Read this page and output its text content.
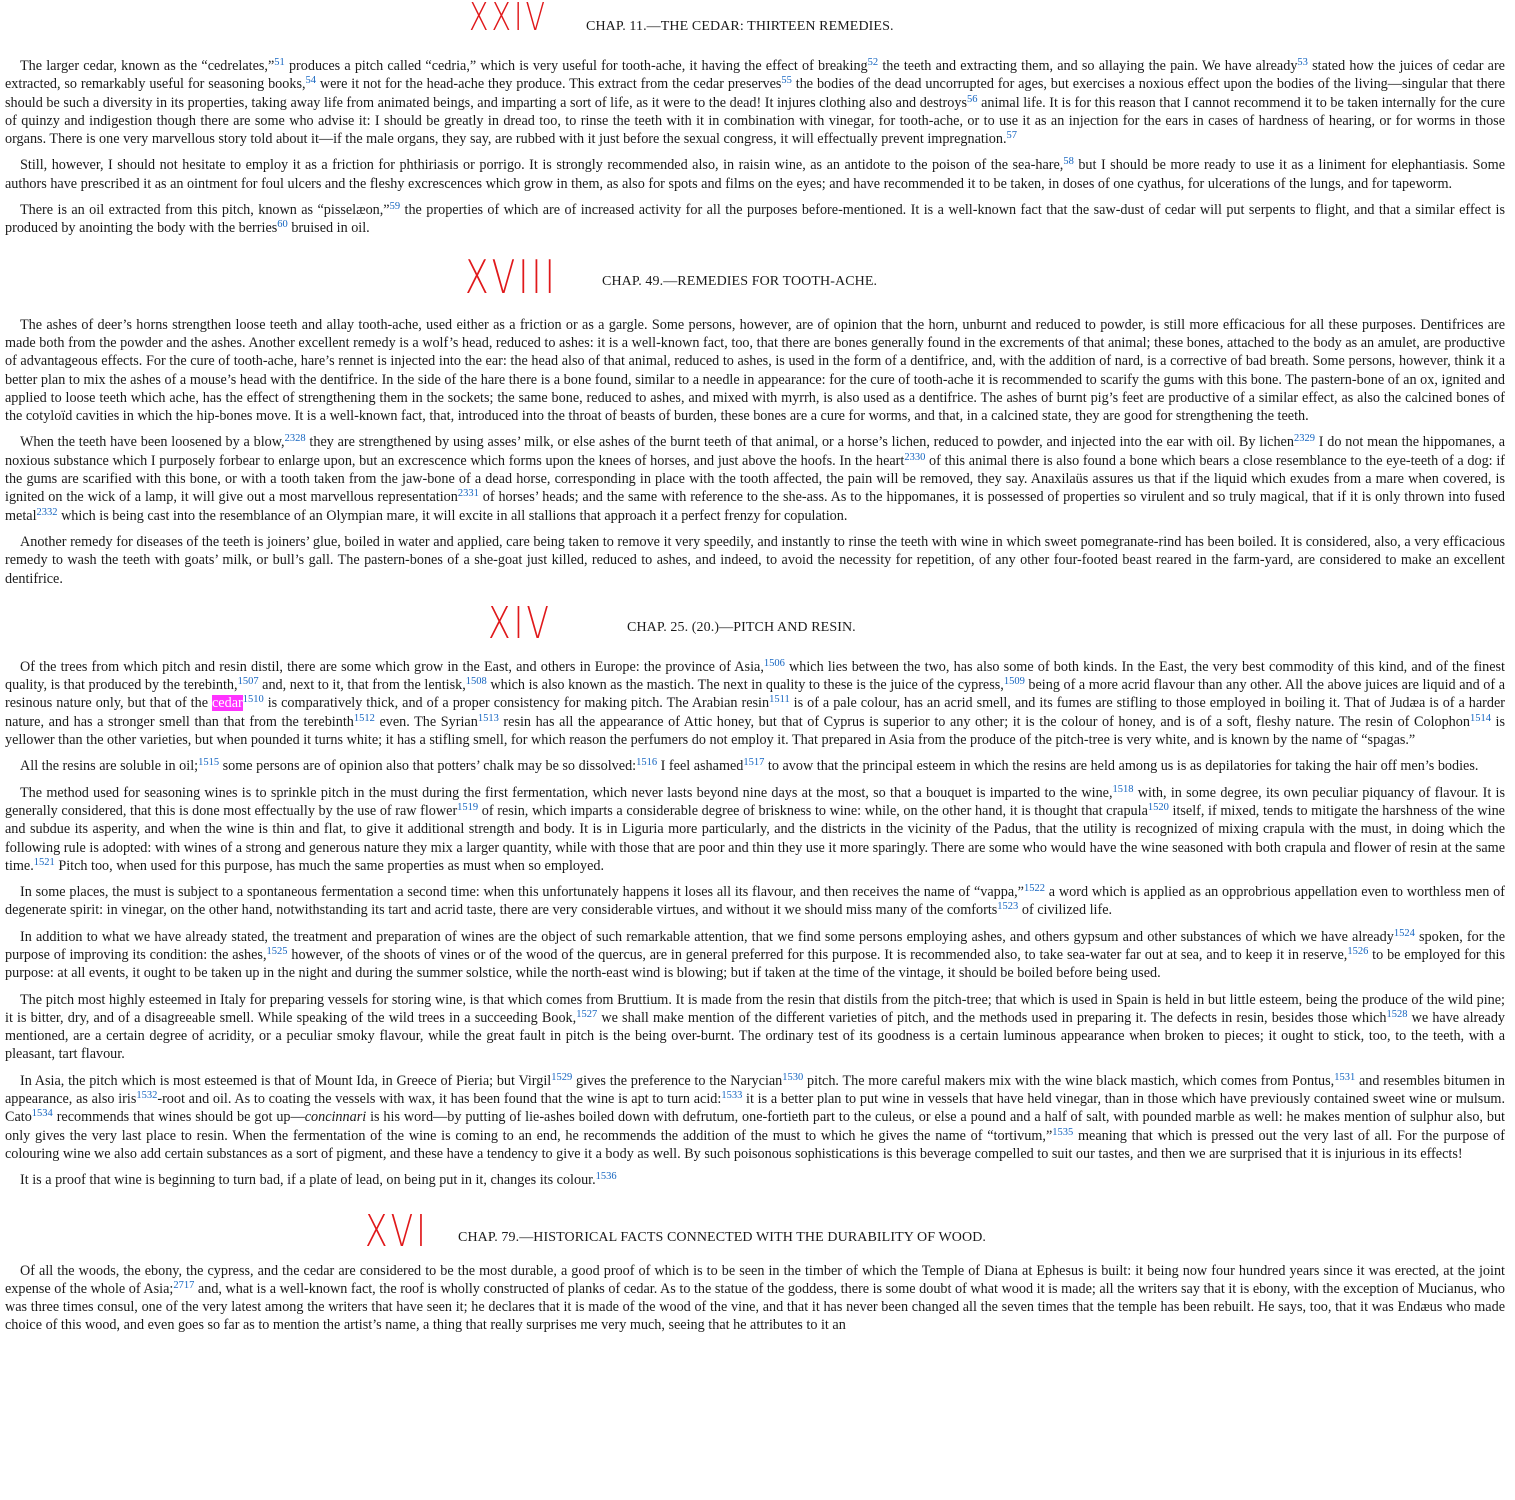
XXIV	CHAP. 11.—THE CEDAR: THIRTEEN REMEDIES.

The larger cedar, known as the “cedrelates,”$^{51}$ produces a pitch called “cedria,” which is very useful for tooth-ache, it having the effect of breaking$^{52}$ the teeth and extracting them, and so allaying the pain. We have already$^{53}$ stated how the juices of cedar are extracted, so remarkably useful for seasoning books,$^{54}$ were it not for the head-ache they produce. This extract from the cedar preserves$^{55}$ the bodies of the dead uncorrupted for ages, but exercises a noxious effect upon the bodies of the living—singular that there should be such a diversity in its properties, taking away life from animated beings, and imparting a sort of life, as it were to the dead! It injures clothing also and destroys$^{56}$ animal life. It is for this reason that I cannot recommend it to be taken internally for the cure of quinzy and indigestion though there are some who advise it: I should be greatly in dread too, to rinse the teeth with it in combination with vinegar, for tooth-ache, or to use it as an injection for the ears in cases of hardness of hearing, or for worms in those organs. There is one very marvellous story told about it—if the male organs, they say, are rubbed with it just before the sexual congress, it will effectually prevent impregnation.$^{57}$

Still, however, I should not hesitate to employ it as a friction for phthiriasis or porrigo. It is strongly recommended also, in raisin wine, as an antidote to the poison of the sea-hare,$^{58}$ but I should be more ready to use it as a liniment for elephantiasis. Some authors have prescribed it as an ointment for foul ulcers and the fleshy excrescences which grow in them, as also for spots and films on the eyes; and have recommended it to be taken, in doses of one cyathus, for ulcerations of the lungs, and for tapeworm.

There is an oil extracted from this pitch, known as “pisselæon,”$^{59}$ the properties of which are of increased activity for all the purposes before-mentioned. It is a well-known fact that the saw-dust of cedar will put serpents to flight, and that a similar effect is produced by anointing the body with the berries$^{60}$ bruised in oil.

XVIII	CHAP. 49.—REMEDIES FOR TOOTH-ACHE.

The ashes of deer’s horns strengthen loose teeth and allay tooth-ache, used either as a friction or as a gargle. Some persons, however, are of opinion that the horn, unburnt and reduced to powder, is still more efficacious for all these purposes. Dentifrices are made both from the powder and the ashes. Another excellent remedy is a wolf’s head, reduced to ashes: it is a well-known fact, too, that there are bones generally found in the excrements of that animal; these bones, attached to the body as an amulet, are productive of advantageous effects. For the cure of tooth-ache, hare’s rennet is injected into the ear: the head also of that animal, reduced to ashes, is used in the form of a dentifrice, and, with the addition of nard, is a corrective of bad breath. Some persons, however, think it a better plan to mix the ashes of a mouse’s head with the dentifrice. In the side of the hare there is a bone found, similar to a needle in appearance: for the cure of tooth-ache it is recommended to scarify the gums with this bone. The pastern-bone of an ox, ignited and applied to loose teeth which ache, has the effect of strengthening them in the sockets; the same bone, reduced to ashes, and mixed with myrrh, is also used as a dentifrice. The ashes of burnt pig’s feet are productive of a similar effect, as also the calcined bones of the cotyloïd cavities in which the hip-bones move. It is a well-known fact, that, introduced into the throat of beasts of burden, these bones are a cure for worms, and that, in a calcined state, they are good for strengthening the teeth.

When the teeth have been loosened by a blow,$^{2328}$ they are strengthened by using asses’ milk, or else ashes of the burnt teeth of that animal, or a horse’s lichen, reduced to powder, and injected into the ear with oil. By lichen$^{2329}$ I do not mean the hippomanes, a noxious substance which I purposely forbear to enlarge upon, but an excrescence which forms upon the knees of horses, and just above the hoofs. In the heart$^{2330}$ of this animal there is also found a bone which bears a close resemblance to the eye-teeth of a dog: if the gums are scarified with this bone, or with a tooth taken from the jaw-bone of a dead horse, corresponding in place with the tooth affected, the pain will be removed, they say. Anaxilaüs assures us that if the liquid which exudes from a mare when covered, is ignited on the wick of a lamp, it will give out a most marvellous representation$^{2331}$ of horses’ heads; and the same with reference to the she-ass. As to the hippomanes, it is possessed of properties so virulent and so truly magical, that if it is only thrown into fused metal$^{2332}$ which is being cast into the resemblance of an Olympian mare, it will excite in all stallions that approach it a perfect frenzy for copulation.

Another remedy for diseases of the teeth is joiners’ glue, boiled in water and applied, care being taken to remove it very speedily, and instantly to rinse the teeth with wine in which sweet pomegranate-rind has been boiled. It is considered, also, a very efficacious remedy to wash the teeth with goats’ milk, or bull’s gall. The pastern-bones of a she-goat just killed, reduced to ashes, and indeed, to avoid the necessity for repetition, of any other four-footed beast reared in the farm-yard, are considered to make an excellent dentifrice.

XIV	CHAP. 25. (20.)—PITCH AND RESIN.

Of the trees from which pitch and resin distil, there are some which grow in the East, and others in Europe: the province of Asia,$^{1506}$ which lies between the two, has also some of both kinds. In the East, the very best commodity of this kind, and of the finest quality, is that produced by the terebinth,$^{1507}$ and, next to it, that from the lentisk,$^{1508}$ which is also known as the mastich. The next in quality to these is the juice of the cypress,$^{1509}$ being of a more acrid flavour than any other. All the above juices are liquid and of a resinous nature only, but that of the cedar$^{1510}$ is comparatively thick, and of a proper consistency for making pitch. The Arabian resin$^{1511}$ is of a pale colour, has an acrid smell, and its fumes are stifling to those employed in boiling it. That of Judæa is of a harder nature, and has a stronger smell than that from the terebinth$^{1512}$ even. The Syrian$^{1513}$ resin has all the appearance of Attic honey, but that of Cyprus is superior to any other; it is the colour of honey, and is of a soft, fleshy nature. The resin of Colophon$^{1514}$ is yellower than the other varieties, but when pounded it turns white; it has a stifling smell, for which reason the perfumers do not employ it. That prepared in Asia from the produce of the pitch-tree is very white, and is known by the name of “spagas.”

All the resins are soluble in oil;$^{1515}$ some persons are of opinion also that potters’ chalk may be so dissolved:$^{1516}$ I feel ashamed$^{1517}$ to avow that the principal esteem in which the resins are held among us is as depilatories for taking the hair off men’s bodies.

The method used for seasoning wines is to sprinkle pitch in the must during the first fermentation, which never lasts beyond nine days at the most, so that a bouquet is imparted to the wine,$^{1518}$ with, in some degree, its own peculiar piquancy of flavour. It is generally considered, that this is done most effectually by the use of raw flower$^{1519}$ of resin, which imparts a considerable degree of briskness to wine: while, on the other hand, it is thought that crapula$^{1520}$ itself, if mixed, tends to mitigate the harshness of the wine and subdue its asperity, and when the wine is thin and flat, to give it additional strength and body. It is in Liguria more particularly, and the districts in the vicinity of the Padus, that the utility is recognized of mixing crapula with the must, in doing which the following rule is adopted: with wines of a strong and generous nature they mix a larger quantity, while with those that are poor and thin they use it more sparingly. There are some who would have the wine seasoned with both crapula and flower of resin at the same time.$^{1521}$ Pitch too, when used for this purpose, has much the same properties as must when so employed.

In some places, the must is subject to a spontaneous fermentation a second time: when this unfortunately happens it loses all its flavour, and then receives the name of “vappa,”$^{1522}$ a word which is applied as an opprobrious appellation even to worthless men of degenerate spirit: in vinegar, on the other hand, notwithstanding its tart and acrid taste, there are very considerable virtues, and without it we should miss many of the comforts$^{1523}$ of civilized life.

In addition to what we have already stated, the treatment and preparation of wines are the object of such remarkable attention, that we find some persons employing ashes, and others gypsum and other substances of which we have already$^{1524}$ spoken, for the purpose of improving its condition: the ashes,$^{1525}$ however, of the shoots of vines or of the wood of the quercus, are in general preferred for this purpose. It is recommended also, to take sea-water far out at sea, and to keep it in reserve,$^{1526}$ to be employed for this purpose: at all events, it ought to be taken up in the night and during the summer solstice, while the north-east wind is blowing; but if taken at the time of the vintage, it should be boiled before being used.

The pitch most highly esteemed in Italy for preparing vessels for storing wine, is that which comes from Bruttium. It is made from the resin that distils from the pitch-tree; that which is used in Spain is held in but little esteem, being the produce of the wild pine; it is bitter, dry, and of a disagreeable smell. While speaking of the wild trees in a succeeding Book,$^{1527}$ we shall make mention of the different varieties of pitch, and the methods used in preparing it. The defects in resin, besides those which$^{1528}$ we have already mentioned, are a certain degree of acridity, or a peculiar smoky flavour, while the great fault in pitch is the being over-burnt. The ordinary test of its goodness is a certain luminous appearance when broken to pieces; it ought to stick, too, to the teeth, with a pleasant, tart flavour.

In Asia, the pitch which is most esteemed is that of Mount Ida, in Greece of Pieria; but Virgil$^{1529}$ gives the preference to the Narycian$^{1530}$ pitch. The more careful makers mix with the wine black mastich, which comes from Pontus,$^{1531}$ and resembles bitumen in appearance, as also iris$^{1532}$-root and oil. As to coating the vessels with wax, it has been found that the wine is apt to turn acid:$^{1533}$ it is a better plan to put wine in vessels that have held vinegar, than in those which have previously contained sweet wine or mulsum. Cato$^{1534}$ recommends that wines should be got up—concinnari is his word—by putting of lie-ashes boiled down with defrutum, one-fortieth part to the culeus, or else a pound and a half of salt, with pounded marble as well: he makes mention of sulphur also, but only gives the very last place to resin. When the fermentation of the wine is coming to an end, he recommends the addition of the must to which he gives the name of “tortivum,”$^{1535}$ meaning that which is pressed out the very last of all. For the purpose of colouring wine we also add certain substances as a sort of pigment, and these have a tendency to give it a body as well. By such poisonous sophistications is this beverage compelled to suit our tastes, and then we are surprised that it is injurious in its effects!

It is a proof that wine is beginning to turn bad, if a plate of lead, on being put in it, changes its colour.$^{1536}$

XVI CHAP. 79.—HISTORICAL FACTS CONNECTED WITH THE DURABILITY OF WOOD.

Of all the woods, the ebony, the cypress, and the cedar are considered to be the most durable, a good proof of which is to be seen in the timber of which the Temple of Diana at Ephesus is built: it being now four hundred years since it was erected, at the joint expense of the whole of Asia;$^{2717}$ and, what is a well-known fact, the roof is wholly constructed of planks of cedar. As to the statue of the goddess, there is some doubt of what wood it is made; all the writers say that it is ebony, with the exception of Mucianus, who was three times consul, one of the very latest among the writers that have seen it; he declares that it is made of the wood of the vine, and that it has never been changed all the seven times that the temple has been rebuilt. He says, too, that it was Endæus who made choice of this wood, and even goes so far as to mention the artist’s name, a thing that really surprises me very much, seeing that he attributes to it an
